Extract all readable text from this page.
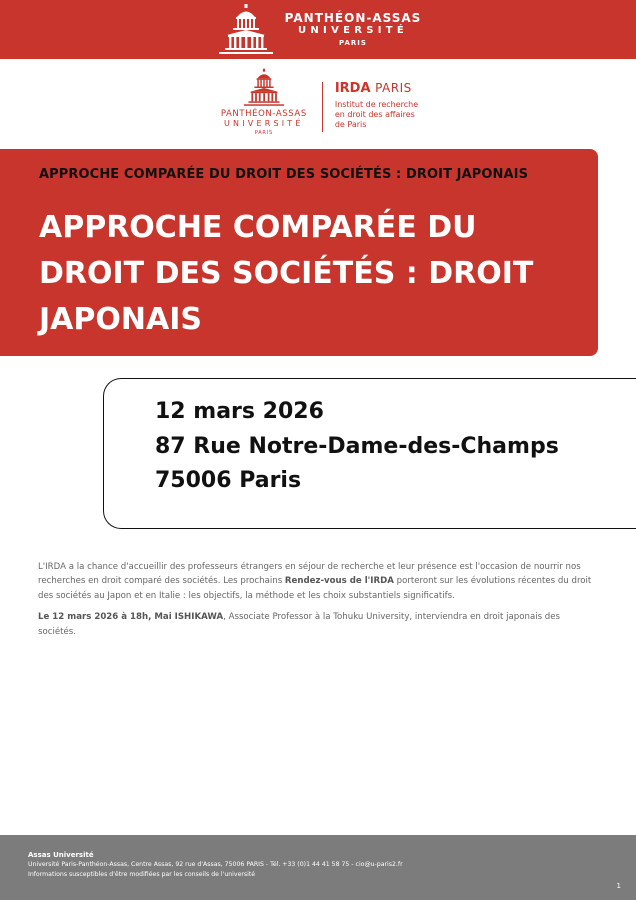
PANTHÉON-ASSAS
UNIVERSITÉ
PARIS
PANTHÉON-ASSAS
UNIVERSITÉ
PARIS
IRDA PARIS
Institut de recherche
en droit des affaires
de Paris
APPROCHE COMPARÉE DU DROIT DES SOCIÉTÉS : DROIT JAPONAIS
APPROCHE COMPARÉE DU DROIT DES SOCIÉTÉS : DROIT JAPONAIS
12 mars 2026
87 Rue Notre-Dame-des-Champs
75006 Paris

L'IRDA a la chance d'accueillir des professeurs étrangers en séjour de recherche et leur présence est l'occasion de nourrir nos recherches en droit comparé des sociétés. Les prochains Rendez-vous de l'IRDA porteront sur les évolutions récentes du droit des sociétés au Japon et en Italie : les objectifs, la méthode et les choix substantiels significatifs.

Le 12 mars 2026 à 18h, Mai ISHIKAWA, Associate Professor à la Tohuku University, interviendra en droit japonais des sociétés.

Assas Université
Université Paris-Panthéon-Assas, Centre Assas, 92 rue d'Assas, 75006 PARIS - Tél. +33 (0)1 44 41 58 75 - cio@u-paris2.fr
Informations susceptibles d'être modifiées par les conseils de l'université
1
